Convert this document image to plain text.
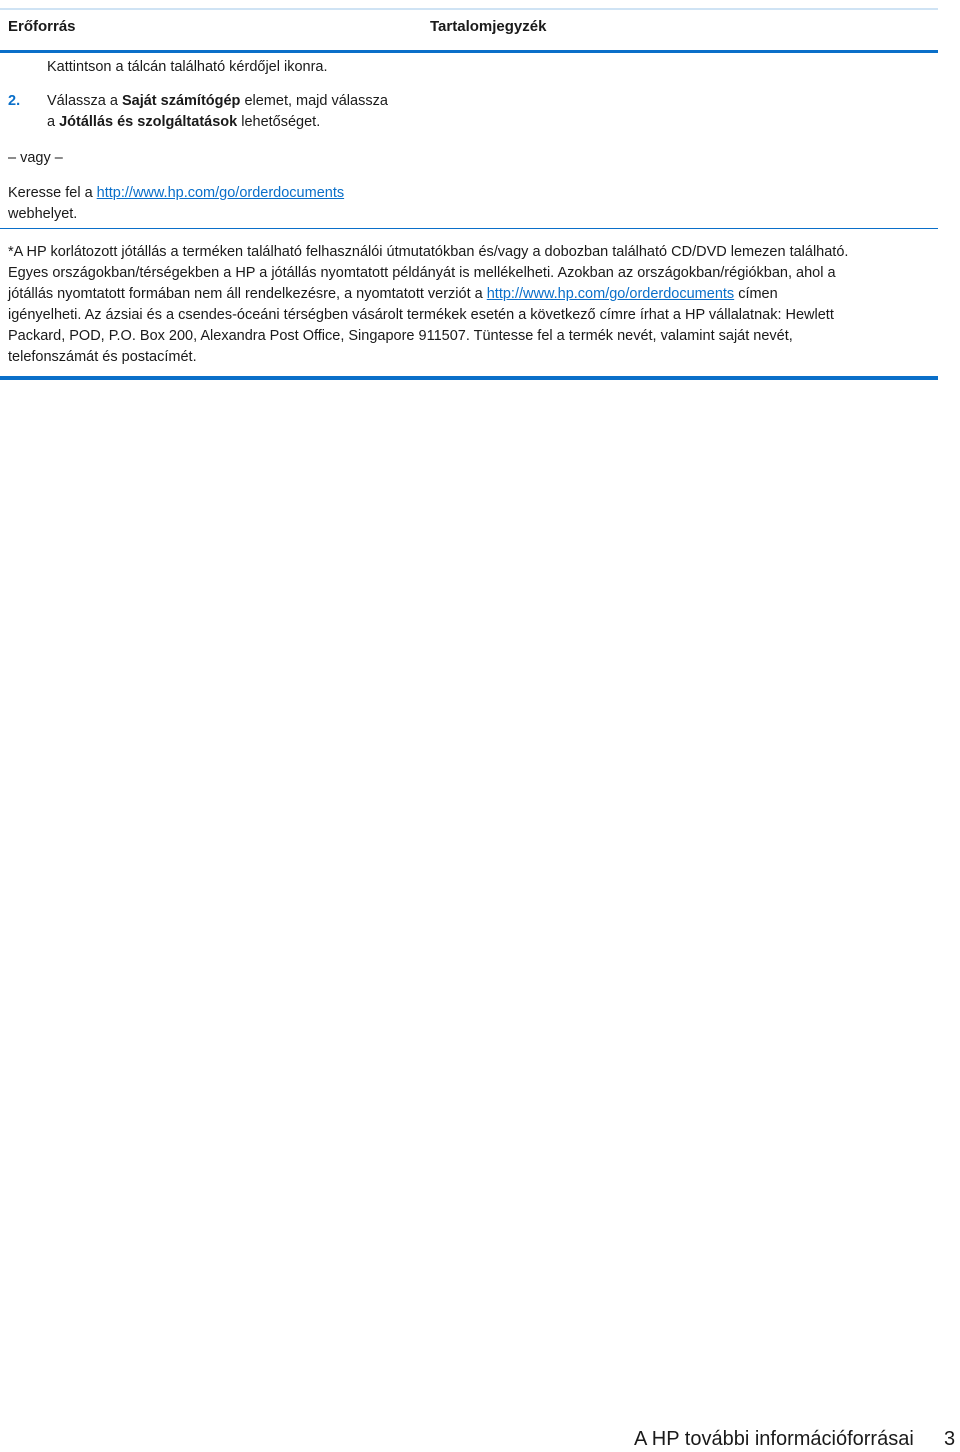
Erőforrás	Tartalomjegyzék
Kattintson a tálcán található kérdőjel ikonra.
2. Válassza a Saját számítógép elemet, majd válassza
a Jótállás és szolgáltatások lehetőséget.
– vagy –
Keresse fel a http://www.hp.com/go/orderdocuments
webhelyet.

*A HP korlátozott jótállás a terméken található felhasználói útmutatókban és/vagy a dobozban található CD/DVD lemezen található.

Egyes országokban/térségekben a HP a jótállás nyomtatott példányát is mellékelheti. Azokban az országokban/régiókban, ahol a

jótállás nyomtatott formában nem áll rendelkezésre, a nyomtatott verziót a http://www.hp.com/go/orderdocuments címen

igényelheti. Az ázsiai és a csendes-óceáni térségben vásárolt termékek esetén a következő címre írhat a HP vállalatnak: Hewlett

Packard, POD, P.O. Box 200, Alexandra Post Office, Singapore 911507. Tüntesse fel a termék nevét, valamint saját nevét,

telefonszámát és postacímét.

A HP további információforrásai 3
